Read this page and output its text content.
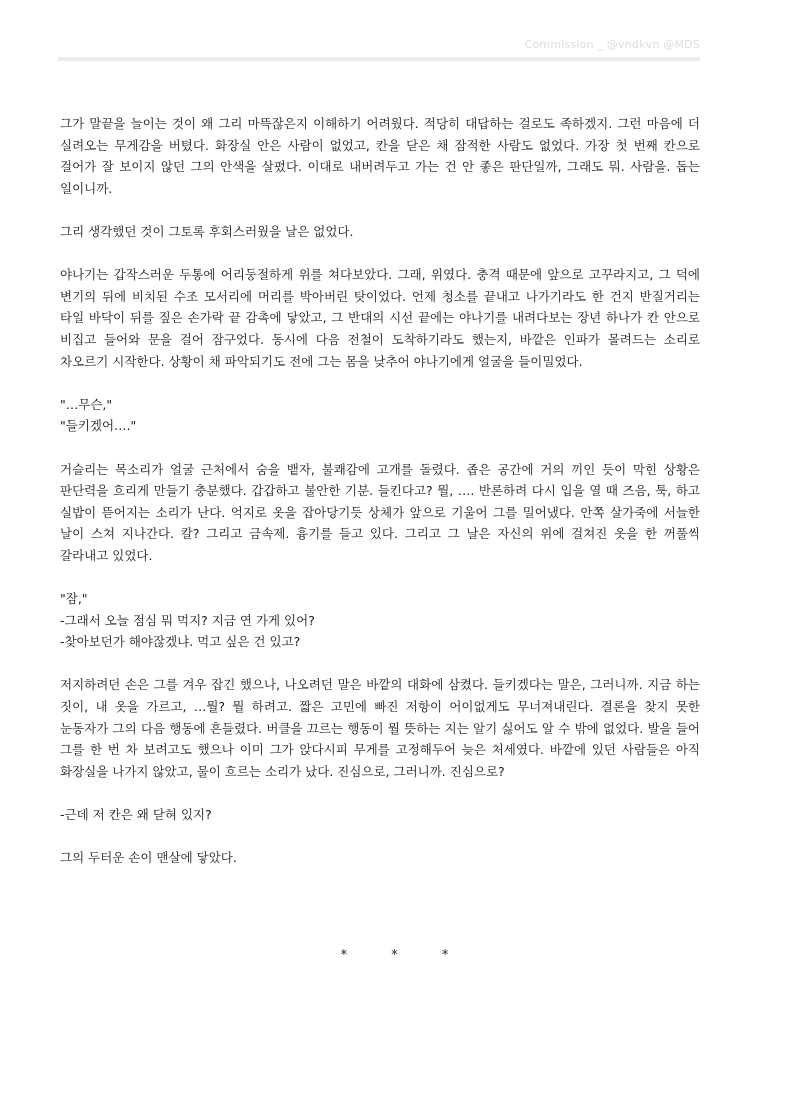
Commission _ @vndkvn @MDS

그가 말끝을 늘이는 것이 왜 그리 마뜩잖은지 이해하기 어려웠다. 적당히 대답하는 걸로도 족하겠지. 그런 마음에 더 실려오는 무게감을 버텼다. 화장실 안은 사람이 없었고, 칸을 닫은 채 잠적한 사람도 없었다. 가장 첫 번째 칸으로 걸어가 잘 보이지 않던 그의 안색을 살폈다. 이대로 내버려두고 가는 건 안 좋은 판단일까, 그래도 뭐. 사람을. 돕는 일이니까.

그리 생각했던 것이 그토록 후회스러웠을 날은 없었다.

야나기는 갑작스러운 두통에 어리둥절하게 위를 쳐다보았다. 그래, 위였다. 충격 때문에 앞으로 고꾸라지고, 그 덕에 변기의 뒤에 비치된 수조 모서리에 머리를 박아버린 탓이었다. 언제 청소를 끝내고 나가기라도 한 건지 반질거리는 타일 바닥이 뒤를 짚은 손가락 끝 감촉에 닿았고, 그 반대의 시선 끝에는 야나기를 내려다보는 장년 하나가 칸 안으로 비집고 들어와 문을 걸어 잠구었다. 동시에 다음 전철이 도착하기라도 했는지, 바깥은 인파가 몰려드는 소리로 차오르기 시작한다. 상황이 채 파악되기도 전에 그는 몸을 낮추어 야나기에게 얼굴을 들이밀었다.

"…무슨,"
"들키겠어…."

거슬리는 목소리가 얼굴 근처에서 숨을 뱉자, 불쾌감에 고개를 돌렸다. 좁은 공간에 거의 끼인 듯이 막힌 상황은 판단력을 흐리게 만들기 충분했다. 갑갑하고 불안한 기분. 들킨다고? 뭘, …. 반론하려 다시 입을 열 때 즈음, 툭, 하고 실밥이 뜯어지는 소리가 난다. 억지로 옷을 잡아당기듯 상체가 앞으로 기울어 그를 밀어냈다. 안쪽 살가죽에 서늘한 날이 스쳐 지나간다. 칼? 그리고 금속제. 흉기를 들고 있다. 그리고 그 날은 자신의 위에 걸쳐진 옷을 한 꺼풀씩 갈라내고 있었다.

"잠,"
-그래서 오늘 점심 뭐 먹지? 지금 연 가게 있어?
-찾아보던가 해야잖겠냐. 먹고 싶은 건 있고?

저지하려던 손은 그를 겨우 잡긴 했으나, 나오려던 말은 바깥의 대화에 삼켰다. 들키겠다는 말은, 그러니까. 지금 하는 짓이, 내 옷을 가르고, …뭘? 뭘 하려고. 짧은 고민에 빠진 저항이 어이없게도 무너져내린다. 결론을 찾지 못한 눈동자가 그의 다음 행동에 흔들렸다. 버클을 끄르는 행동이 뭘 뜻하는 지는 알기 싫어도 알 수 밖에 없었다. 발을 들어 그를 한 번 차 보려고도 했으나 이미 그가 앉다시피 무게를 고정해두어 늦은 처세였다. 바깥에 있던 사람들은 아직 화장실을 나가지 않았고, 물이 흐르는 소리가 났다. 진심으로, 그러니까. 진심으로?

-근데 저 칸은 왜 닫혀 있지?

그의 두터운 손이 맨살에 닿았다.

* * *
